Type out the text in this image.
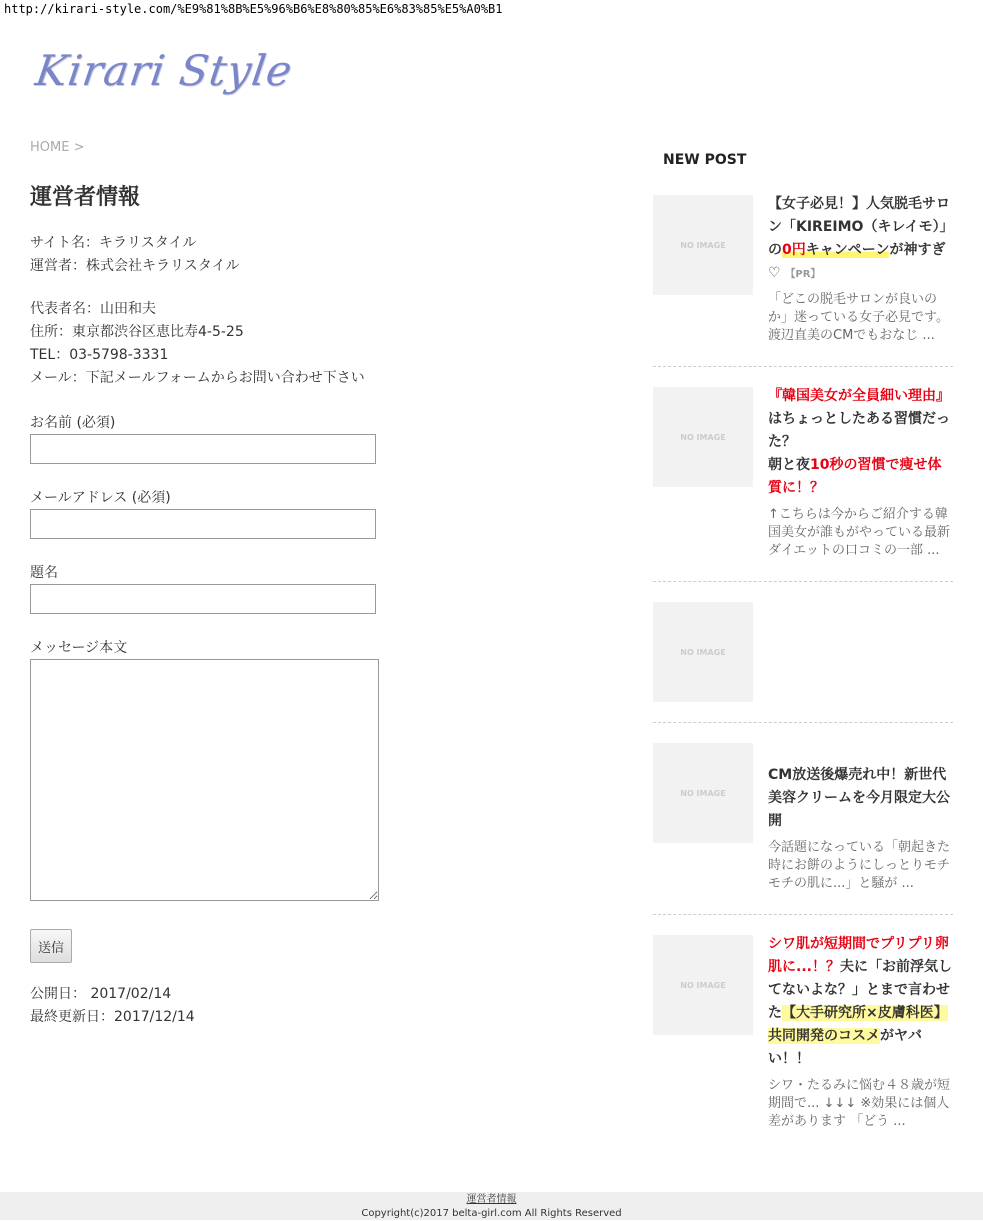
http://kirari-style.com/%E9%81%8B%E5%96%B6%E8%80%85%E6%83%85%E5%A0%B1
Kirari Style
HOME >
運営者情報
サイト名：キラリスタイル
運営者：株式会社キラリスタイル
代表者名：山田和夫
住所：東京都渋谷区恵比寿4-5-25
TEL：03-5798-3331
メール：下記メールフォームからお問い合わせ下さい
お名前 (必須)
メールアドレス (必須)
題名
メッセージ本文
送信
公開日： 2017/02/14
最終更新日：2017/12/14
NEW POST
NO IMAGE
【女子必見！】人気脱毛サロン「KIREIMO（キレイモ）」の0円キャンペーンが神すぎ♡ 【PR】
「どこの脱毛サロンが良いのか」迷っている女子必見です。渡辺直美のCMでもおなじ ...
NO IMAGE
『韓国美女が全員細い理由』はちょっとしたある習慣だった？
朝と夜10秒の習慣で痩せ体質に！？
↑こちらは今からご紹介する韓国美女が誰もがやっている最新ダイエットの口コミの一部 ...
NO IMAGE
NO IMAGE
CM放送後爆売れ中！新世代美容クリームを今月限定大公開
今話題になっている「朝起きた時にお餅のようにしっとりモチモチの肌に...」と騒が ...
NO IMAGE
シワ肌が短期間でプリプリ卵肌に...！？夫に「お前浮気してないよな？」とまで言わせた【大手研究所×皮膚科医】共同開発のコスメがヤバい！！
シワ・たるみに悩む４８歳が短期間で... ↓↓↓ ※効果には個人差があります 「どう ...
運営者情報
Copyright(c)2017 belta-girl.com All Rights Reserved
